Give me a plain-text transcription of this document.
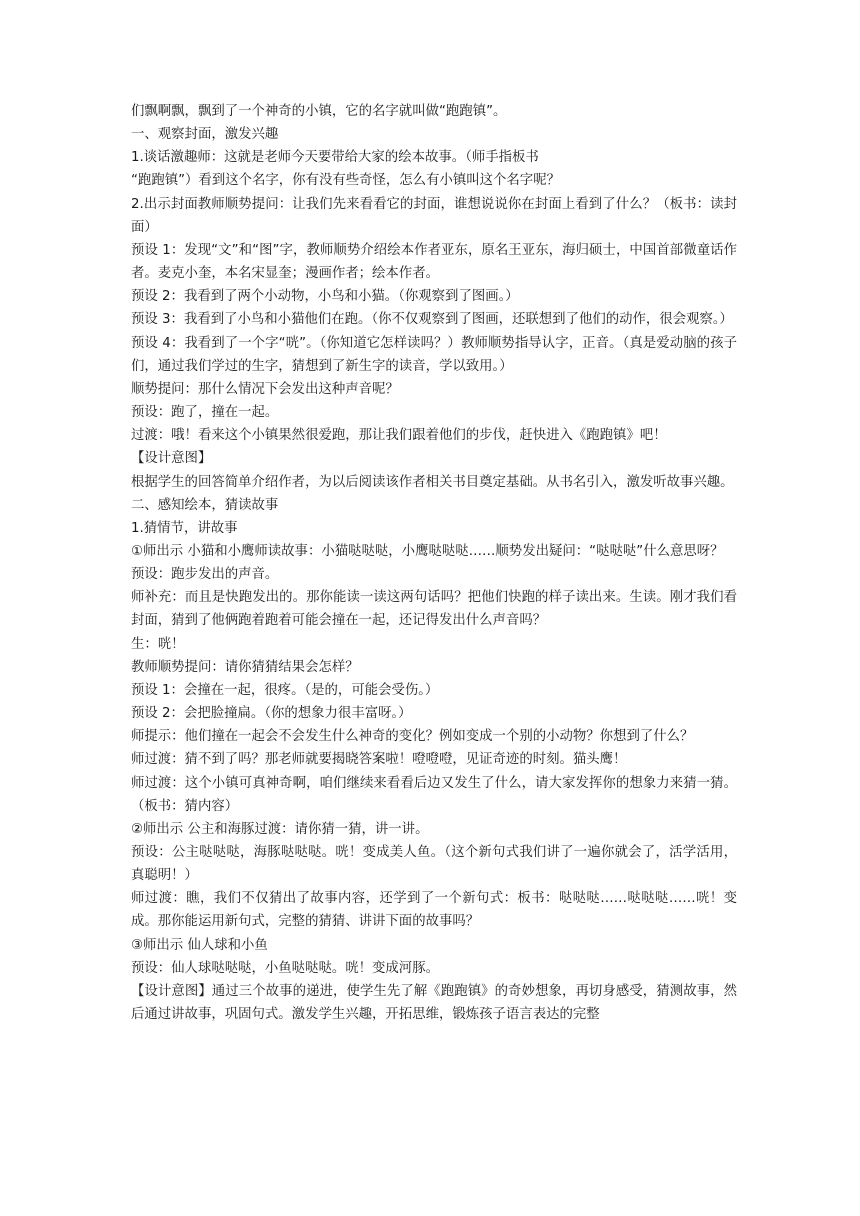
们飘啊飘，飘到了一个神奇的小镇，它的名字就叫做“跑跑镇”。

一、观察封面，激发兴趣

1.谈话激趣师：这就是老师今天要带给大家的绘本故事。（师手指板书

“跑跑镇”）看到这个名字，你有没有些奇怪，怎么有小镇叫这个名字呢？

2.出示封面教师顺势提问：让我们先来看看它的封面，谁想说说你在封面上看到了什么？（板书：读封面）

预设 1：发现“文”和“图”字，教师顺势介绍绘本作者亚东，原名王亚东，海归硕士，中国首部微童话作者。麦克小奎，本名宋显奎；漫画作者；绘本作者。

预设 2：我看到了两个小动物，小鸟和小猫。（你观察到了图画。）

预设 3：我看到了小鸟和小猫他们在跑。（你不仅观察到了图画，还联想到了他们的动作，很会观察。）

预设 4：我看到了一个字“咣”。（你知道它怎样读吗？）教师顺势指导认字，正音。（真是爱动脑的孩子们，通过我们学过的生字，猜想到了新生字的读音，学以致用。）

顺势提问：那什么情况下会发出这种声音呢？

预设：跑了，撞在一起。

过渡：哦！看来这个小镇果然很爱跑，那让我们跟着他们的步伐，赶快进入《跑跑镇》吧！

【设计意图】

根据学生的回答简单介绍作者，为以后阅读该作者相关书目奠定基础。从书名引入，激发听故事兴趣。

二、感知绘本，猜读故事

1.猜情节，讲故事

①师出示 小猫和小鹰师读故事：小猫哒哒哒，小鹰哒哒哒……顺势发出疑问：“哒哒哒”什么意思呀？

预设：跑步发出的声音。

师补充：而且是快跑发出的。那你能读一读这两句话吗？把他们快跑的样子读出来。生读。刚才我们看封面，猜到了他俩跑着跑着可能会撞在一起，还记得发出什么声音吗？

生：咣！

教师顺势提问：请你猜猜结果会怎样？

预设 1：会撞在一起，很疼。（是的，可能会受伤。）

预设 2：会把脸撞扁。（你的想象力很丰富呀。）

师提示：他们撞在一起会不会发生什么神奇的变化？例如变成一个别的小动物？你想到了什么？

师过渡：猜不到了吗？那老师就要揭晓答案啦！噔噔噔，见证奇迹的时刻。猫头鹰！

师过渡：这个小镇可真神奇啊，咱们继续来看看后边又发生了什么，请大家发挥你的想象力来猜一猜。（板书：猜内容）

②师出示 公主和海豚过渡：请你猜一猜，讲一讲。

预设：公主哒哒哒，海豚哒哒哒。咣！变成美人鱼。（这个新句式我们讲了一遍你就会了，活学活用，真聪明！）

师过渡：瞧，我们不仅猜出了故事内容，还学到了一个新句式：板书：哒哒哒……哒哒哒……咣！变成。那你能运用新句式，完整的猜猜、讲讲下面的故事吗？

③师出示 仙人球和小鱼

预设：仙人球哒哒哒，小鱼哒哒哒。咣！变成河豚。

【设计意图】通过三个故事的递进，使学生先了解《跑跑镇》的奇妙想象，再切身感受，猜测故事，然后通过讲故事，巩固句式。激发学生兴趣，开拓思维，锻炼孩子语言表达的完整
